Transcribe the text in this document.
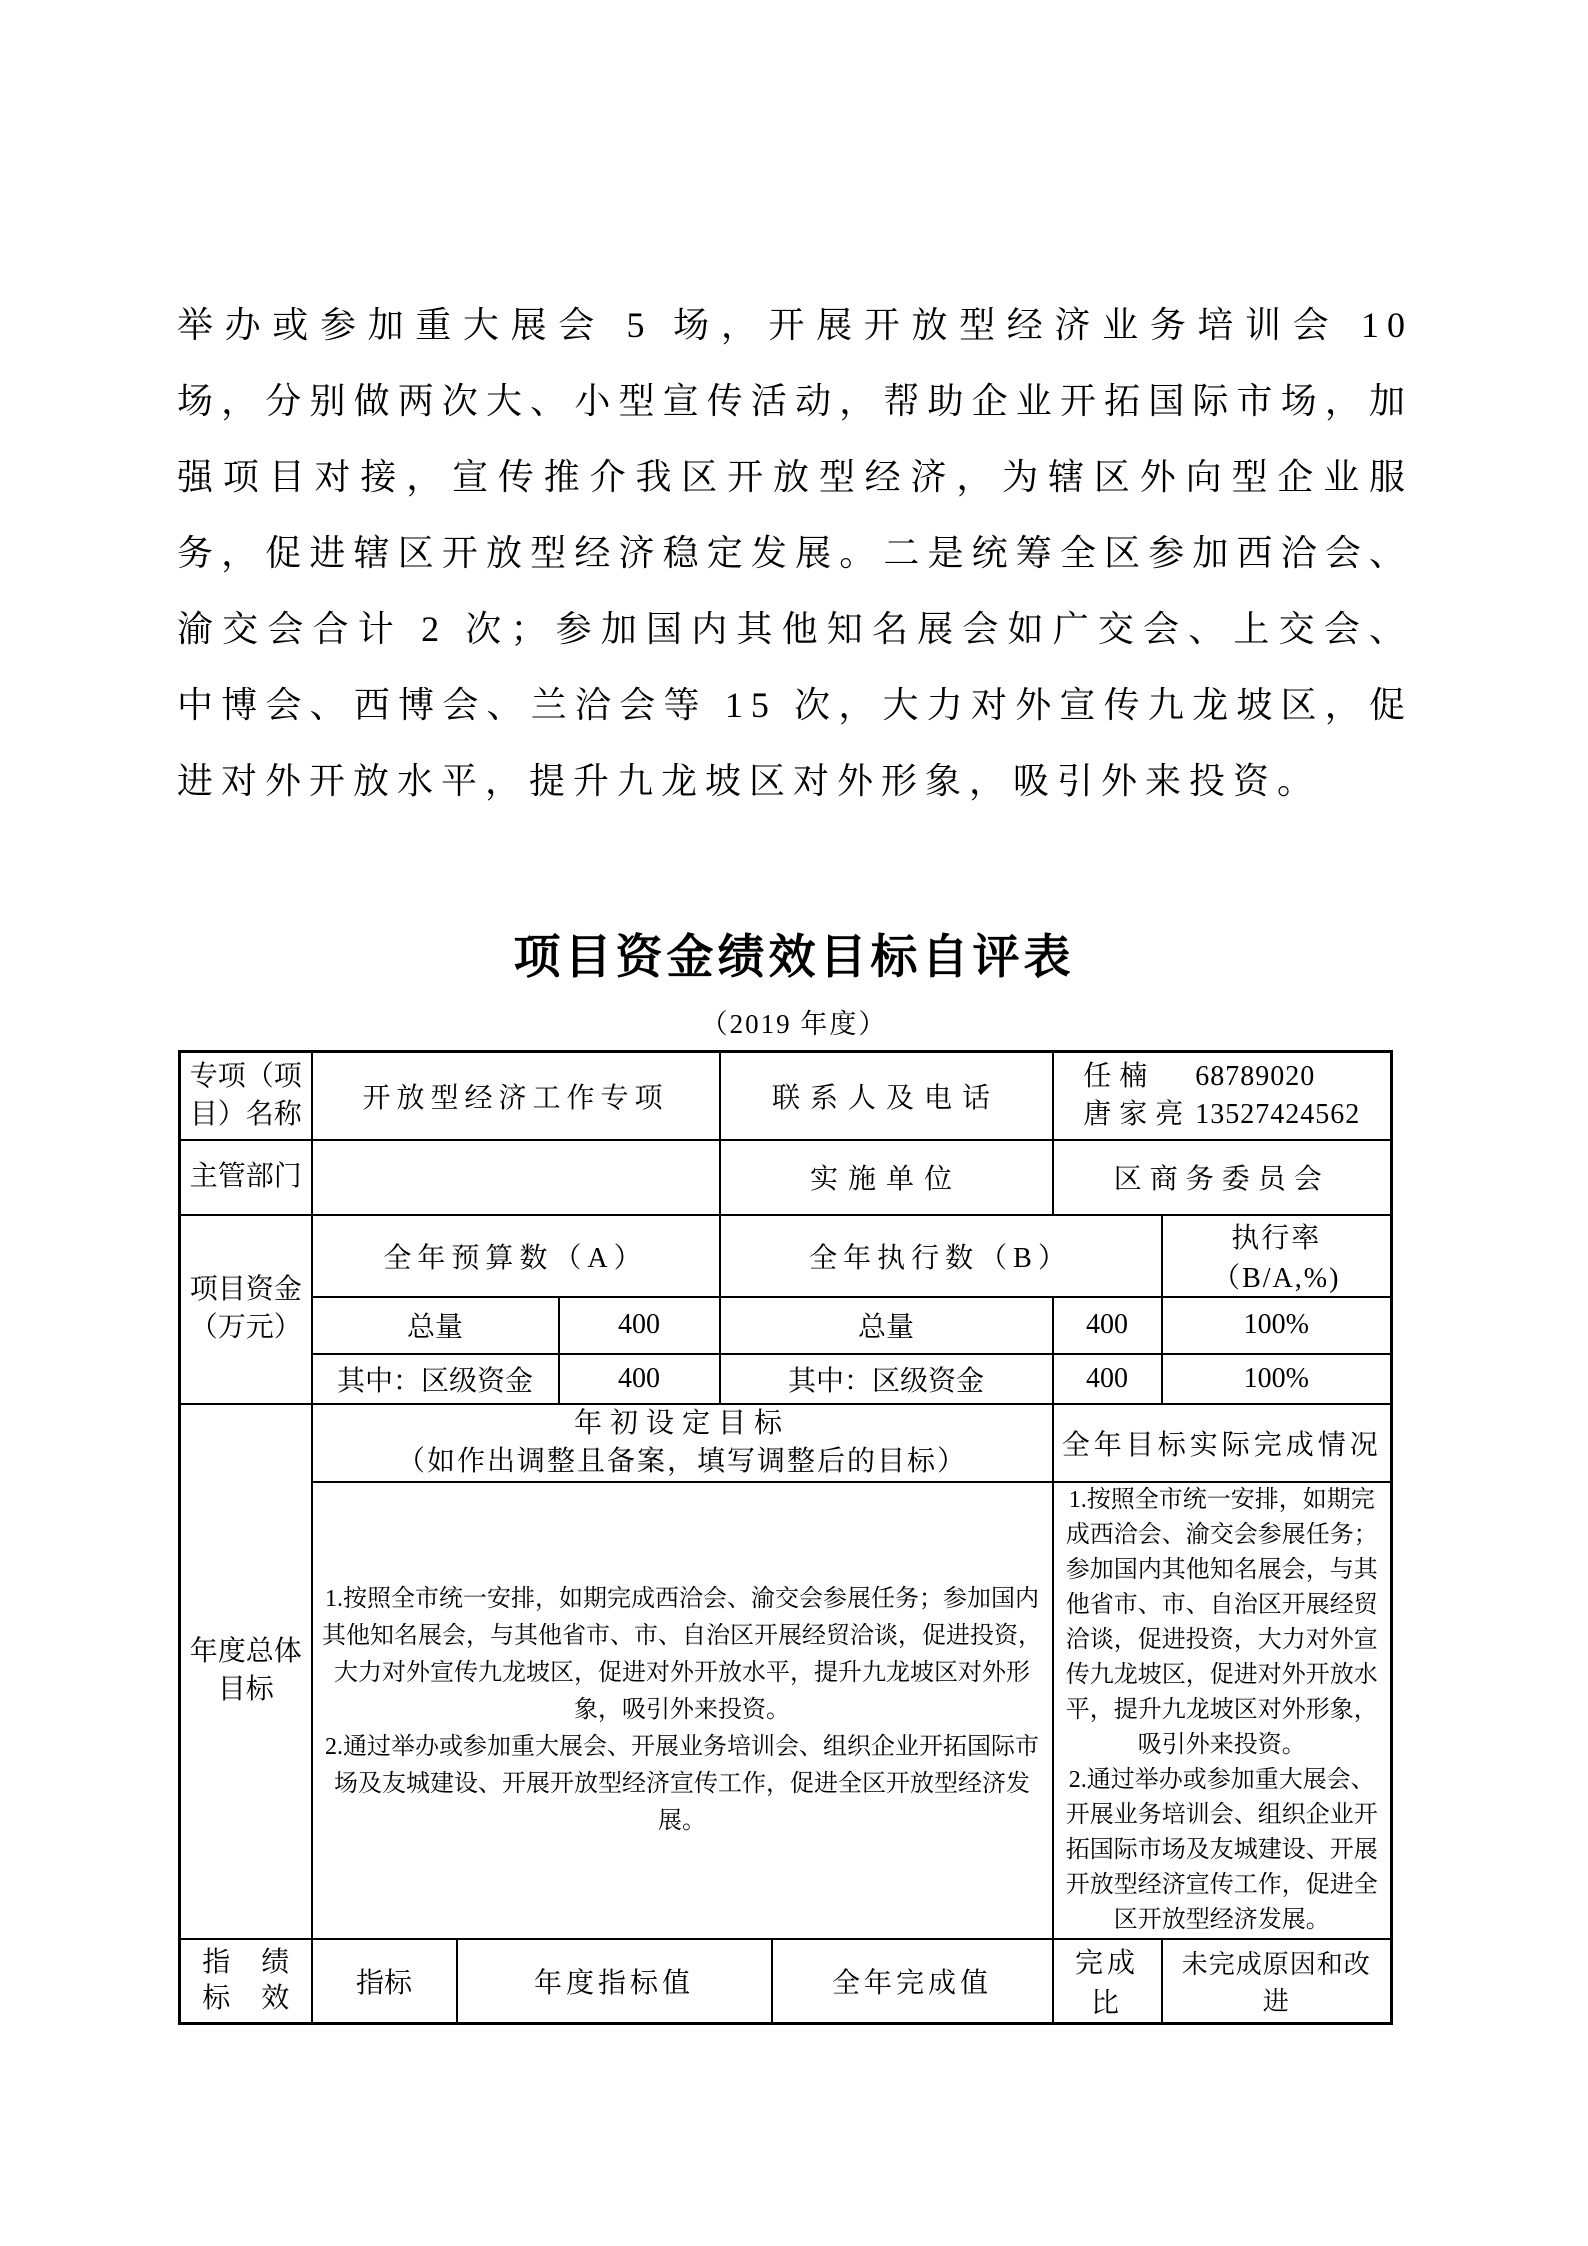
举办或参加重大展会 5 场，开展开放型经济业务培训会 10 场，分别做两次大、小型宣传活动，帮助企业开拓国际市场，加强项目对接，宣传推介我区开放型经济，为辖区外向型企业服务，促进辖区开放型经济稳定发展。二是统筹全区参加西洽会、渝交会合计 2 次；参加国内其他知名展会如广交会、上交会、中博会、西博会、兰洽会等 15 次，大力对外宣传九龙坡区，促进对外开放水平，提升九龙坡区对外形象，吸引外来投资。
项目资金绩效目标自评表
（2019 年度）
专项（项目）名称	开放型经济工作专项			联系人及电话		任楠 68789020
唐家亮 13527424562	

主管部门				实施单位		区商务委员会	
项目资金（万元）	全年预算数（A）			全年执行数（B）			执行率（B/A,%)
	总量		400	总量		400	100%
	其中：区级资金		400	其中：区级资金		400	100%
年度总体目标	年初设定目标
（如作出调整且备案，填写调整后的目标）					全年目标实际完成情况	

1.按照全市统一安排，如期完成西洽会、渝交会参展任务；参加国内其他知名展会，与其他省市、市、自治区开展经贸洽谈，促进投资，大力对外宣传九龙坡区，促进对外开放水平，提升九龙坡区对外形象，吸引外来投资。
2.通过举办或参加重大展会、开展业务培训会、组织企业开拓国际市场及友城建设、开展开放型经济宣传工作，促进全区开放型经济发展。

1.按照全市统一安排，如期完成西洽会、渝交会参展任务；参加国内其他知名展会，与其他省市、市、自治区开展经贸洽谈，促进投资，大力对外宣传九龙坡区，促进对外开放水平，提升九龙坡区对外形象，吸引外来投资。
2.通过举办或参加重大展会、开展业务培训会、组织企业开拓国际市场及友城建设、开展开放型经济宣传工作，促进全区开放型经济发展。

指 绩
标 效	指标	年度指标值			全年完成值	完成比	未完成原因和改进
